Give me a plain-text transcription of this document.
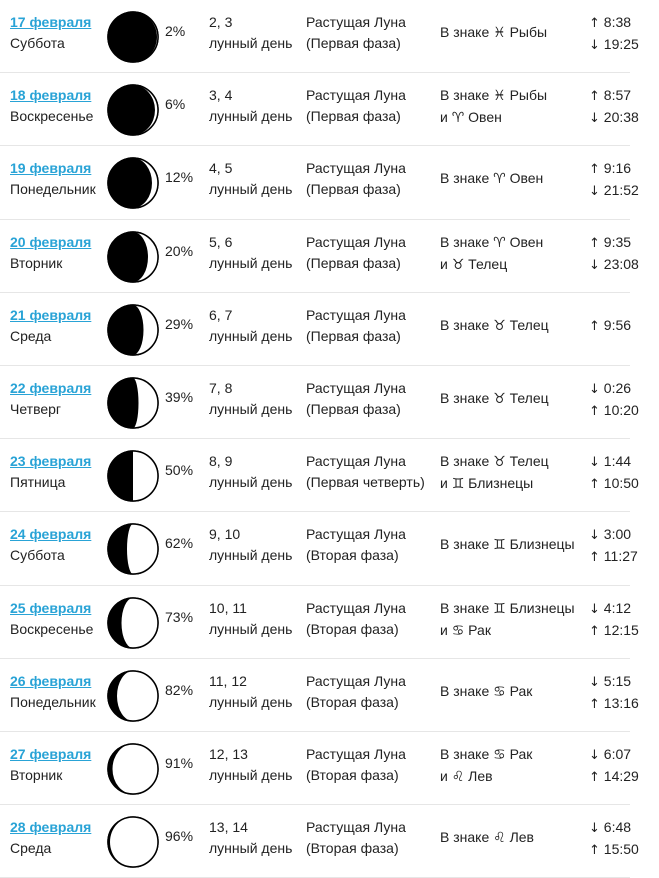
17 февраля
Суббота
2%
2, 3
лунный день
Растущая Луна
(Первая фаза)
В знаке ♓ Рыбы
↑ 8:38
↓ 19:25
18 февраля
Воскресенье
6%
3, 4
лунный день
Растущая Луна
(Первая фаза)
В знаке ♓ Рыбы
и ♈ Овен
↑ 8:57
↓ 20:38
19 февраля
Понедельник
12%
4, 5
лунный день
Растущая Луна
(Первая фаза)
В знаке ♈ Овен
↑ 9:16
↓ 21:52
20 февраля
Вторник
20%
5, 6
лунный день
Растущая Луна
(Первая фаза)
В знаке ♈ Овен
и ♉ Телец
↑ 9:35
↓ 23:08
21 февраля
Среда
29%
6, 7
лунный день
Растущая Луна
(Первая фаза)
В знаке ♉ Телец	↑ 9:56
22 февраля
Четверг
39%
7, 8
лунный день
Растущая Луна
(Первая фаза)
В знаке ♉ Телец
↓ 0:26
↑ 10:20
23 февраля
Пятница
50%
8, 9
лунный день
Растущая Луна
(Первая четверть)
В знаке ♉ Телец
и ♊ Близнецы
↓ 1:44
↑ 10:50
24 февраля
Суббота
62%
9, 10
лунный день
Растущая Луна
(Вторая фаза)
В знаке ♊ Близнецы
↓ 3:00
↑ 11:27
25 февраля
Воскресенье
73%
10, 11
лунный день
Растущая Луна
(Вторая фаза)
В знаке ♊ Близнецы
и ♋ Рак
↓ 4:12
↑ 12:15
26 февраля
Понедельник
82%
11, 12
лунный день
Растущая Луна
(Вторая фаза)
В знаке ♋ Рак
↓ 5:15
↑ 13:16
27 февраля
Вторник
91%
12, 13
лунный день
Растущая Луна
(Вторая фаза)
В знаке ♋ Рак
и ♌ Лев
↓ 6:07
↑ 14:29
28 февраля
Среда
96%
13, 14
лунный день
Растущая Луна
(Вторая фаза)
В знаке ♌ Лев
↓ 6:48
↑ 15:50
